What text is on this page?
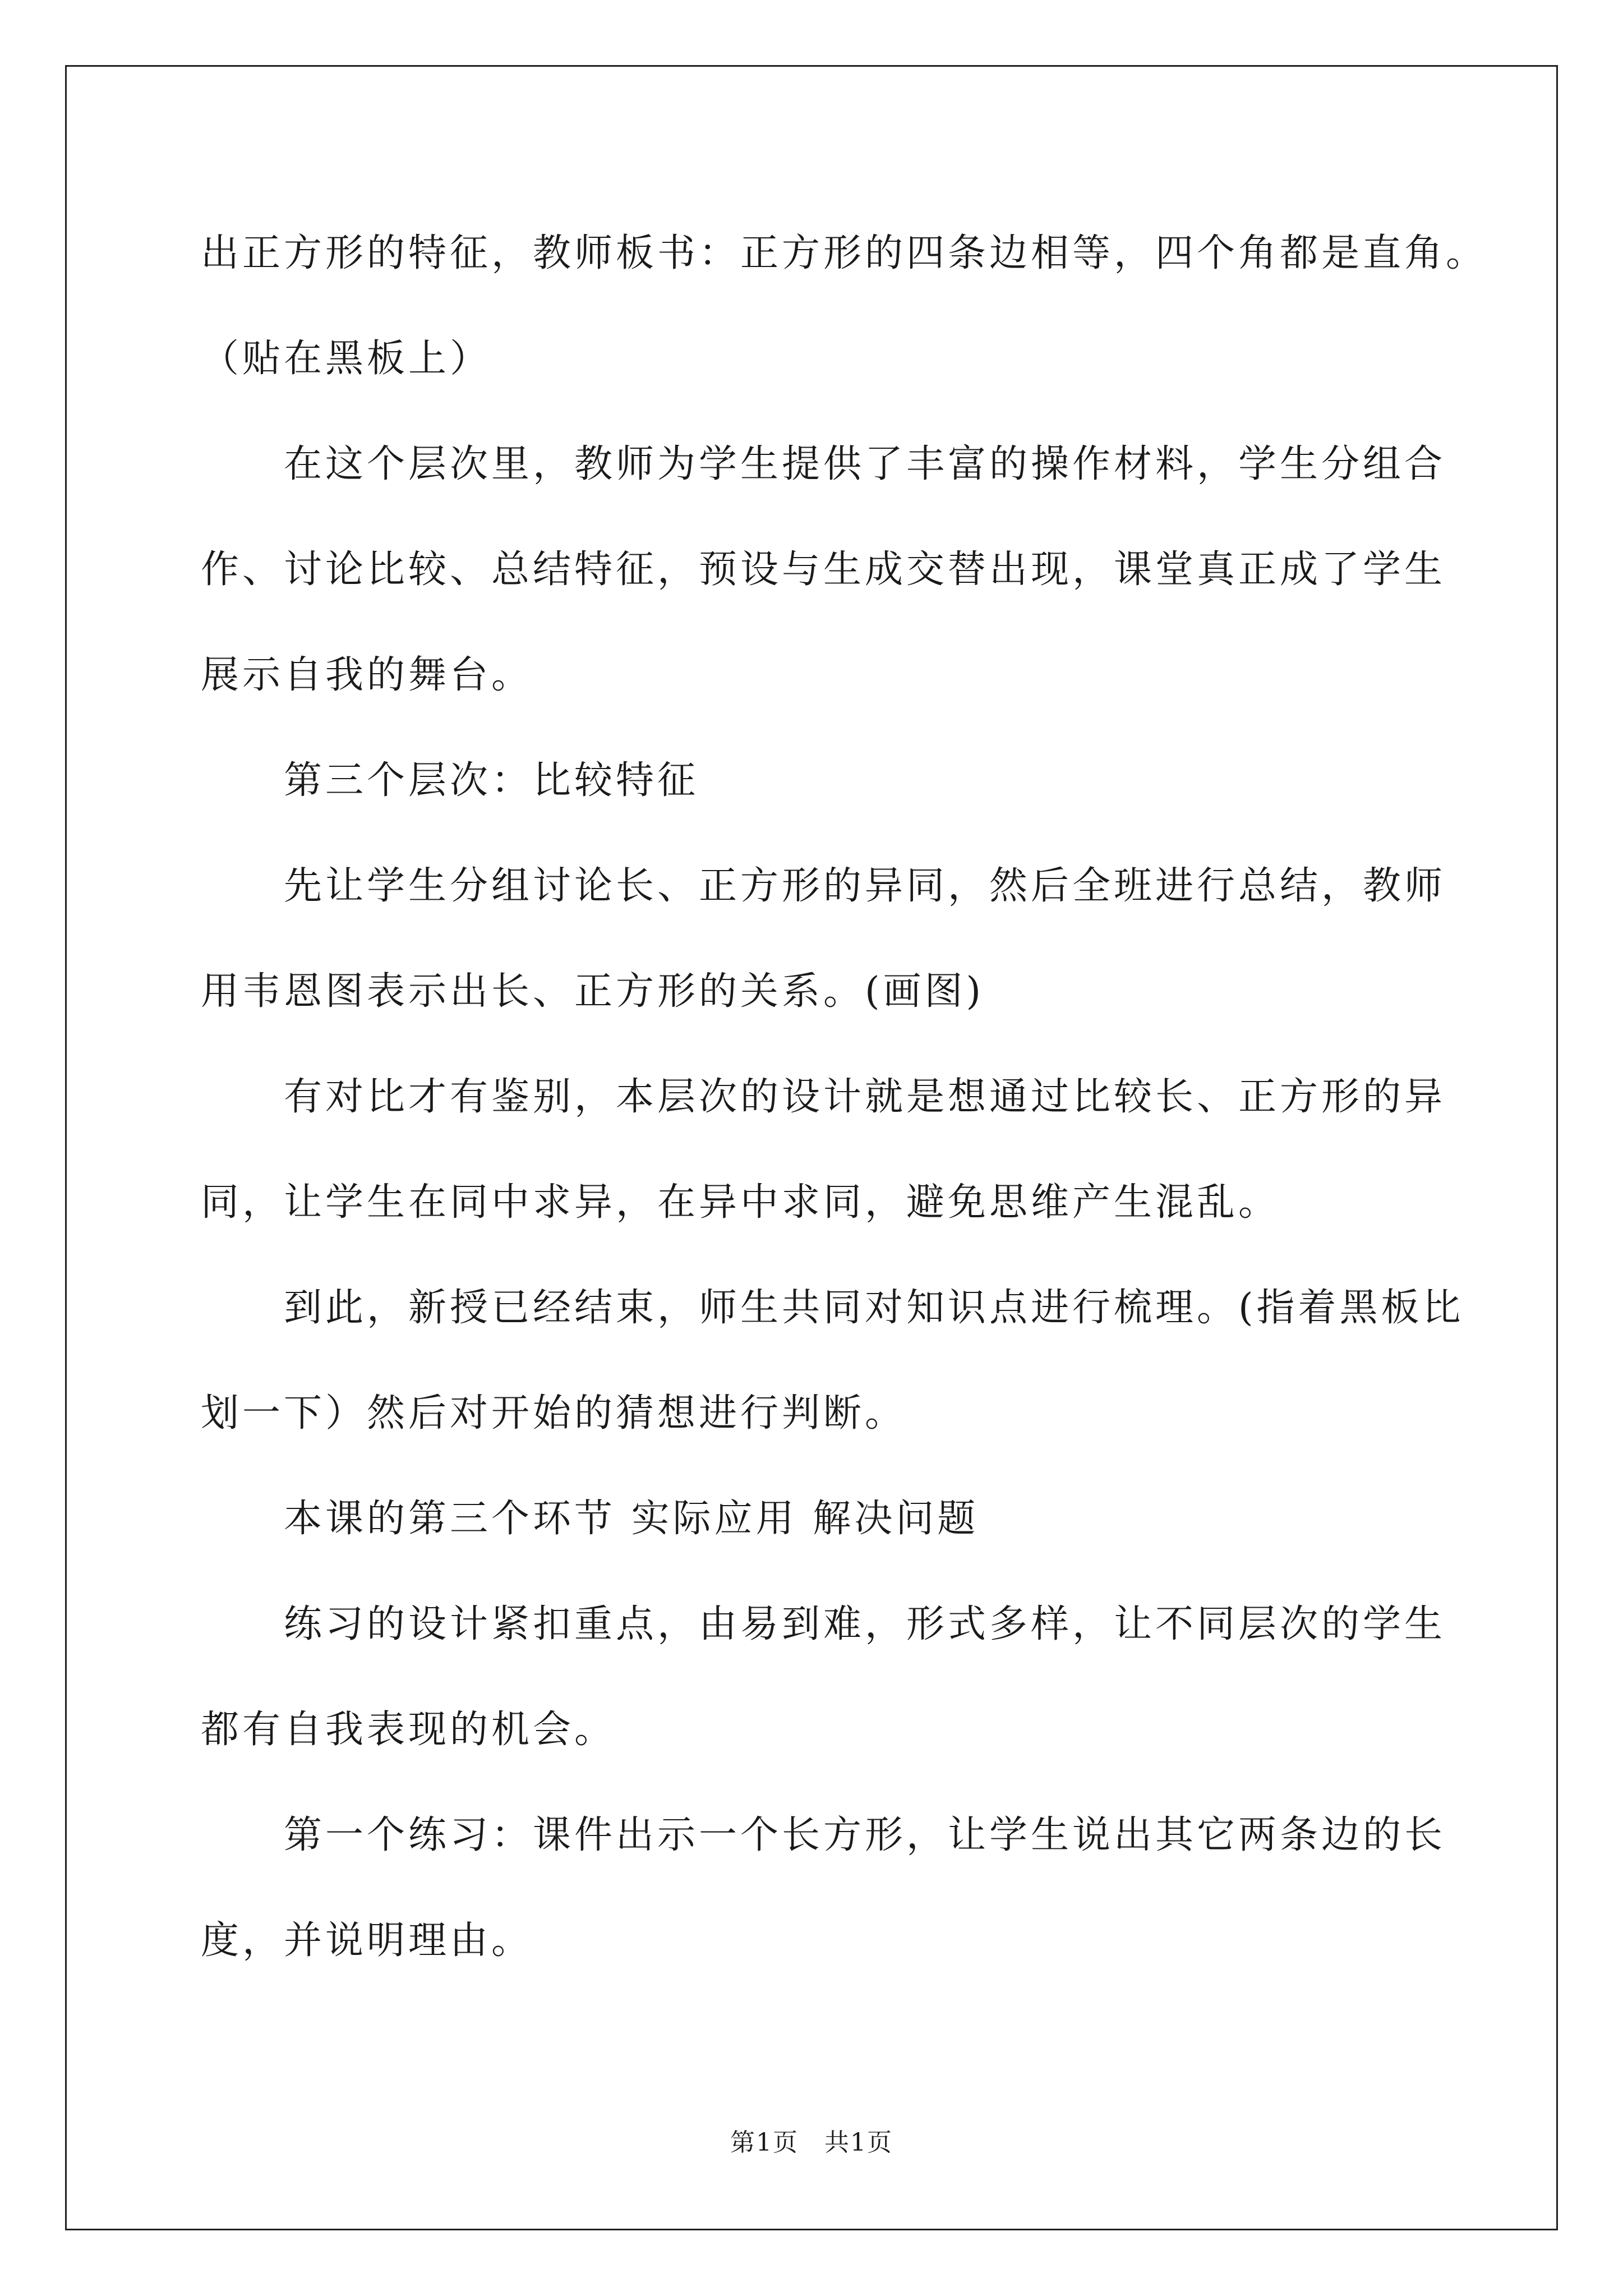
出正方形的特征，教师板书：正方形的四条边相等，四个角都是直角。

（贴在黑板上）

在这个层次里，教师为学生提供了丰富的操作材料，学生分组合

作、讨论比较、总结特征，预设与生成交替出现，课堂真正成了学生

展示自我的舞台。

第三个层次：比较特征

先让学生分组讨论长、正方形的异同，然后全班进行总结，教师

用韦恩图表示出长、正方形的关系。(画图)

有对比才有鉴别，本层次的设计就是想通过比较长、正方形的异

同，让学生在同中求异，在异中求同，避免思维产生混乱。

到此，新授已经结束，师生共同对知识点进行梳理。(指着黑板比

划一下）然后对开始的猜想进行判断。

本课的第三个环节 实际应用 解决问题

练习的设计紧扣重点，由易到难，形式多样，让不同层次的学生

都有自我表现的机会。

第一个练习：课件出示一个长方形，让学生说出其它两条边的长

度，并说明理由。

第1页　共1页
